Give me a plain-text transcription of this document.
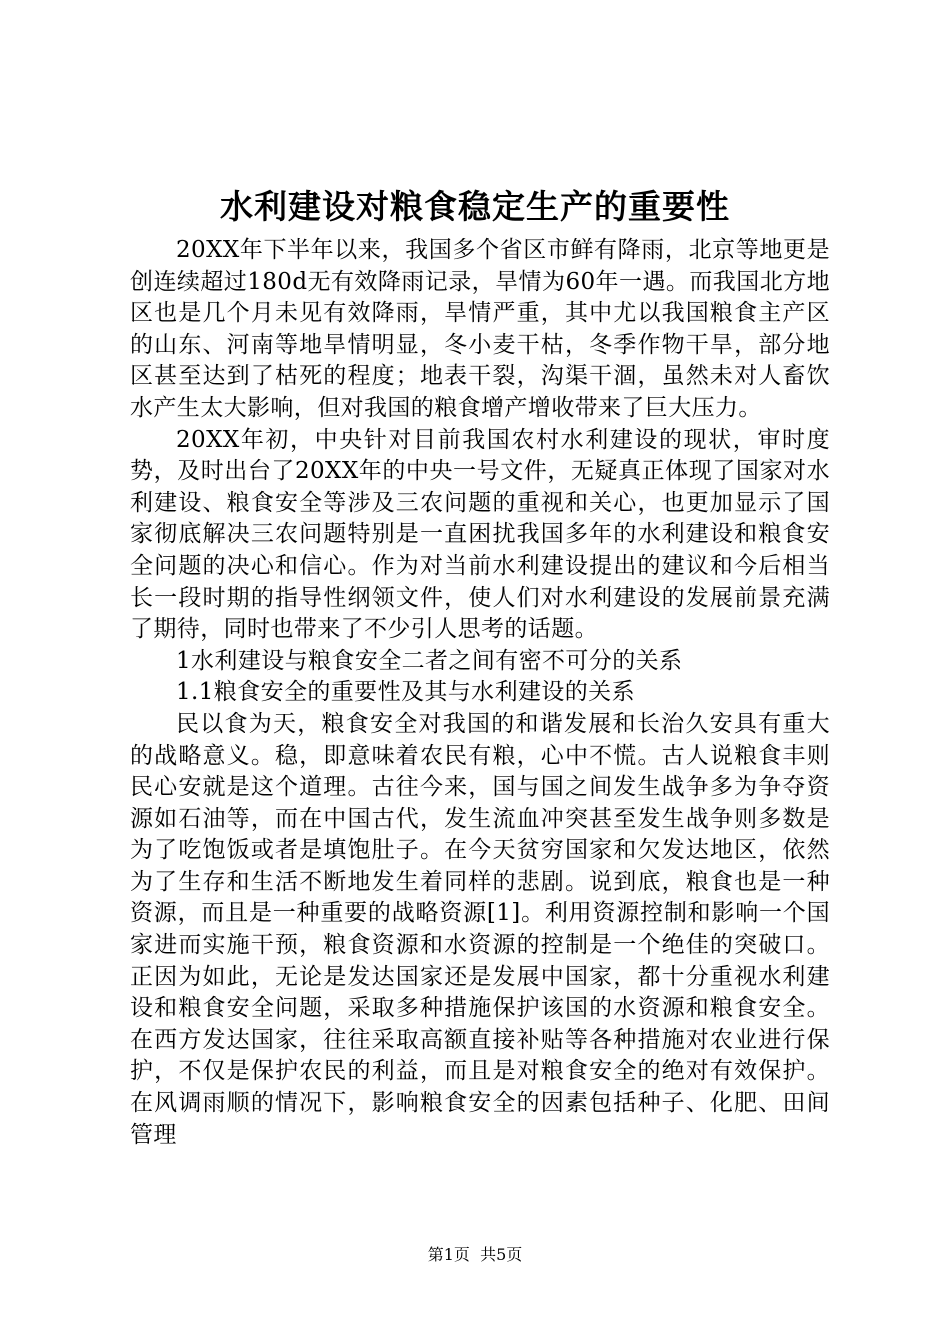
水利建设对粮食稳定生产的重要性

20XX年下半年以来，我国多个省区市鲜有降雨，北京等地更是创连续超过180d无有效降雨记录，旱情为60年一遇。而我国北方地区也是几个月未见有效降雨，旱情严重，其中尤以我国粮食主产区的山东、河南等地旱情明显，冬小麦干枯，冬季作物干旱，部分地区甚至达到了枯死的程度；地表干裂，沟渠干涸，虽然未对人畜饮水产生太大影响，但对我国的粮食增产增收带来了巨大压力。

20XX年初，中央针对目前我国农村水利建设的现状，审时度势，及时出台了20XX年的中央一号文件，无疑真正体现了国家对水利建设、粮食安全等涉及三农问题的重视和关心，也更加显示了国家彻底解决三农问题特别是一直困扰我国多年的水利建设和粮食安全问题的决心和信心。作为对当前水利建设提出的建议和今后相当长一段时期的指导性纲领文件，使人们对水利建设的发展前景充满了期待，同时也带来了不少引人思考的话题。

1水利建设与粮食安全二者之间有密不可分的关系

1.1粮食安全的重要性及其与水利建设的关系

民以食为天，粮食安全对我国的和谐发展和长治久安具有重大的战略意义。稳，即意味着农民有粮，心中不慌。古人说粮食丰则民心安就是这个道理。古往今来，国与国之间发生战争多为争夺资源如石油等，而在中国古代，发生流血冲突甚至发生战争则多数是为了吃饱饭或者是填饱肚子。在今天贫穷国家和欠发达地区，依然为了生存和生活不断地发生着同样的悲剧。说到底，粮食也是一种资源，而且是一种重要的战略资源[1]。利用资源控制和影响一个国家进而实施干预，粮食资源和水资源的控制是一个绝佳的突破口。正因为如此，无论是发达国家还是发展中国家，都十分重视水利建设和粮食安全问题，采取多种措施保护该国的水资源和粮食安全。在西方发达国家，往往采取高额直接补贴等各种措施对农业进行保护，不仅是保护农民的利益，而且是对粮食安全的绝对有效保护。在风调雨顺的情况下，影响粮食安全的因素包括种子、化肥、田间管理

第1页 共5页
